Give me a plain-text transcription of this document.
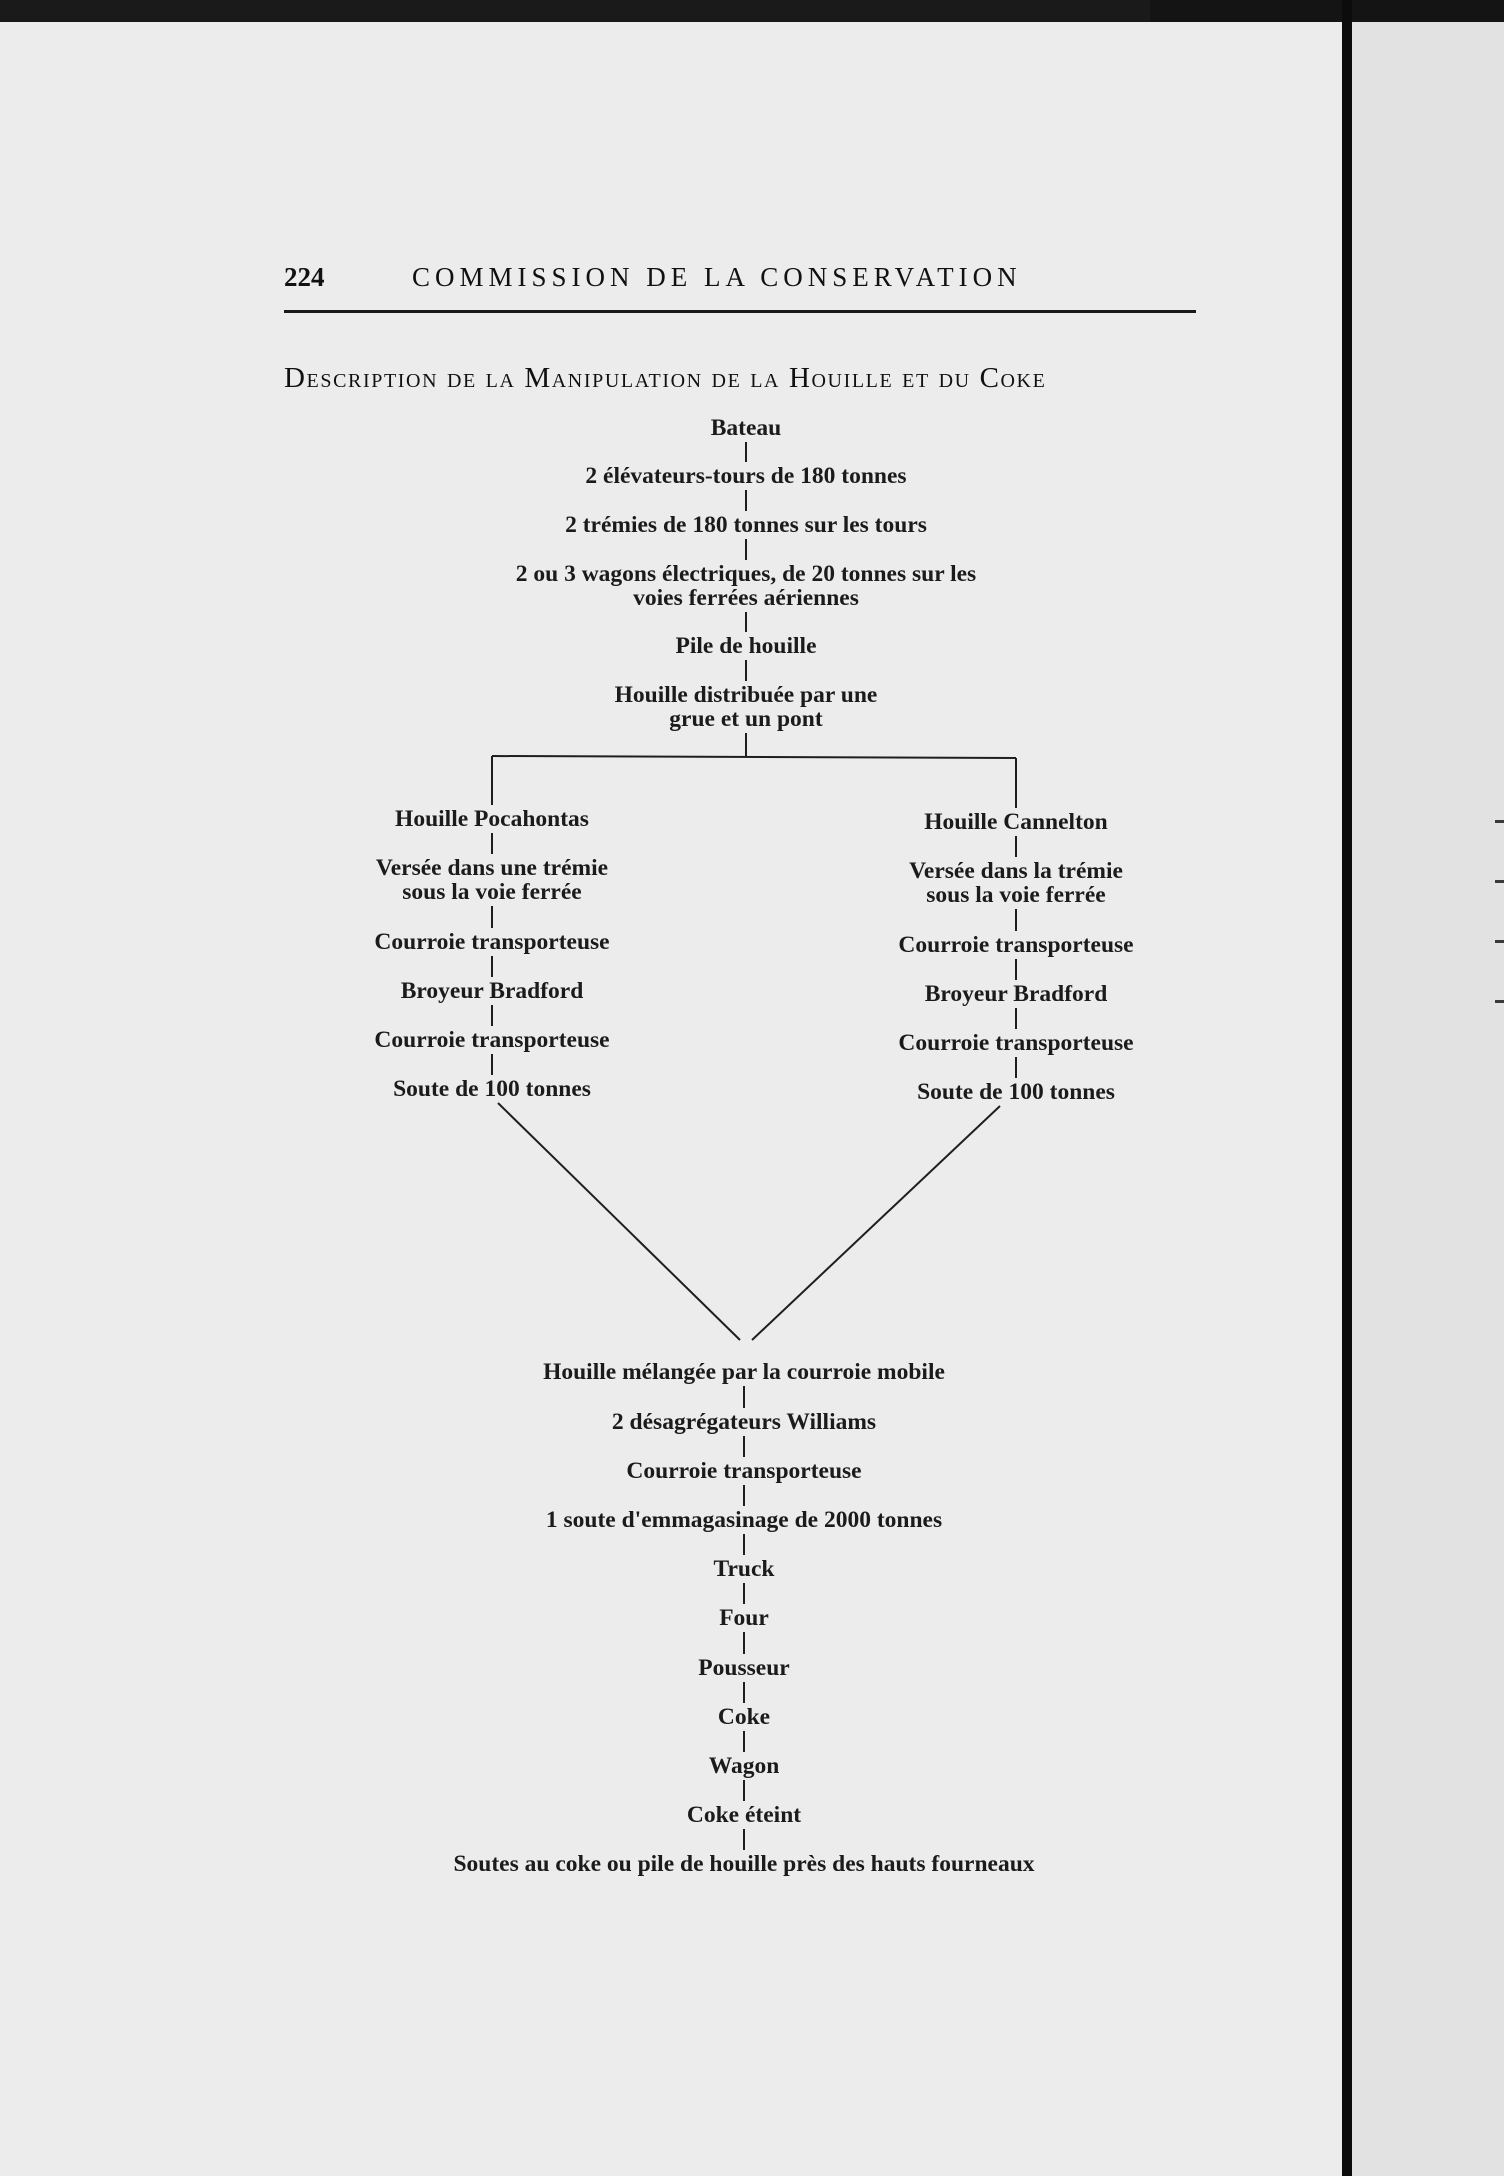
224	COMMISSION DE LA CONSERVATION
Description de la Manipulation de la Houille et du Coke
Bateau
2 élévateurs-tours de 180 tonnes
2 trémies de 180 tonnes sur les tours
2 ou 3 wagons électriques, de 20 tonnes sur les
voies ferrées aériennes
Pile de houille
Houille distribuée par une
grue et un pont
Houille Pocahontas
Versée dans une trémie
sous la voie ferrée
Courroie transporteuse
Broyeur Bradford
Courroie transporteuse
Soute de 100 tonnes
Houille Cannelton
Versée dans la trémie
sous la voie ferrée
Courroie transporteuse
Broyeur Bradford
Courroie transporteuse
Soute de 100 tonnes
Houille mélangée par la courroie mobile
2 désagrégateurs Williams
Courroie transporteuse
1 soute d'emmagasinage de 2000 tonnes
Truck
Four
Pousseur
Coke
Wagon
Coke éteint
Soutes au coke ou pile de houille près des hauts fourneaux
